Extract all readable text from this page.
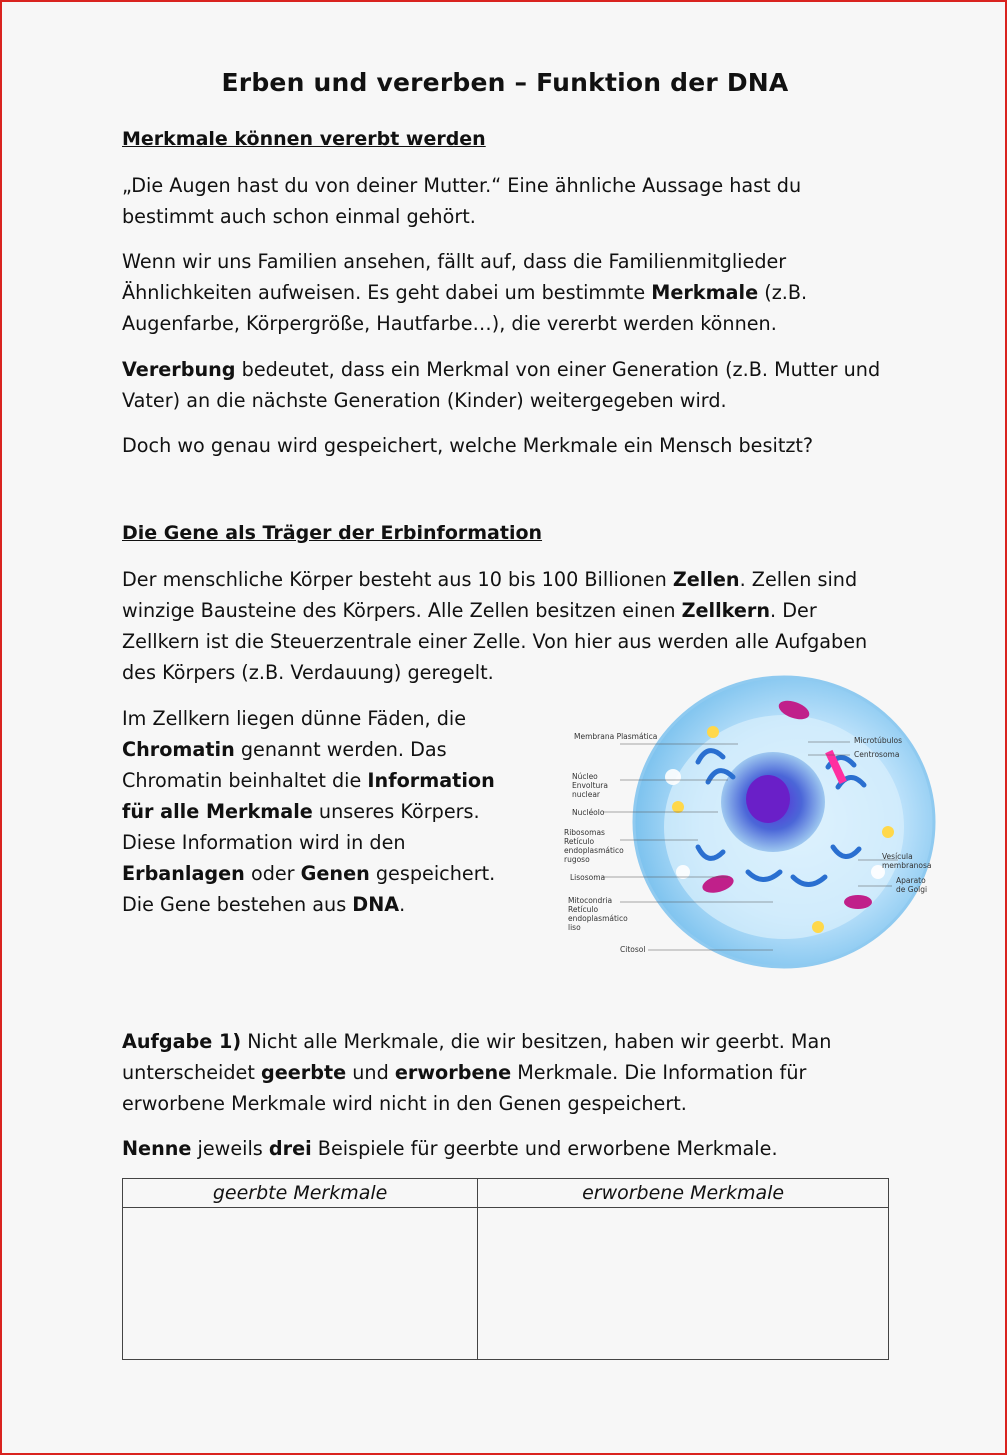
Erben und vererben – Funktion der DNA
Merkmale können vererbt werden
„Die Augen hast du von deiner Mutter.“ Eine ähnliche Aussage hast du bestimmt auch schon einmal gehört.
Wenn wir uns Familien ansehen, fällt auf, dass die Familienmitglieder Ähnlichkeiten aufweisen. Es geht dabei um bestimmte Merkmale (z.B. Augenfarbe, Körpergröße, Hautfarbe…), die vererbt werden können.
Vererbung bedeutet, dass ein Merkmal von einer Generation (z.B. Mutter und Vater) an die nächste Generation (Kinder) weitergegeben wird.
Doch wo genau wird gespeichert, welche Merkmale ein Mensch besitzt?
Die Gene als Träger der Erbinformation
Der menschliche Körper besteht aus 10 bis 100 Billionen Zellen. Zellen sind winzige Bausteine des Körpers. Alle Zellen besitzen einen Zellkern. Der Zellkern ist die Steuerzentrale einer Zelle. Von hier aus werden alle Aufgaben des Körpers (z.B. Verdauung) geregelt.
Im Zellkern liegen dünne Fäden, die Chromatin genannt werden. Das Chromatin beinhaltet die Information für alle Merkmale unseres Körpers. Diese Information wird in den Erbanlagen oder Genen gespeichert. Die Gene bestehen aus DNA.
Aufgabe 1) Nicht alle Merkmale, die wir besitzen, haben wir geerbt. Man unterscheidet geerbte und erworbene Merkmale. Die Information für erworbene Merkmale wird nicht in den Genen gespeichert.
Nenne jeweils drei Beispiele für geerbte und erworbene Merkmale.
Membrana Plasmática
Núcleo Envoltura nuclear
Nucléolo
Ribosomas Retículo endoplasmático rugoso
Lisosoma
Mitocondria Retículo endoplasmático liso
Citosol
Microtúbulos
Centrosoma
Vesícula membranosa
Aparato de Golgi
geerbte Merkmale	erworbene Merkmale
